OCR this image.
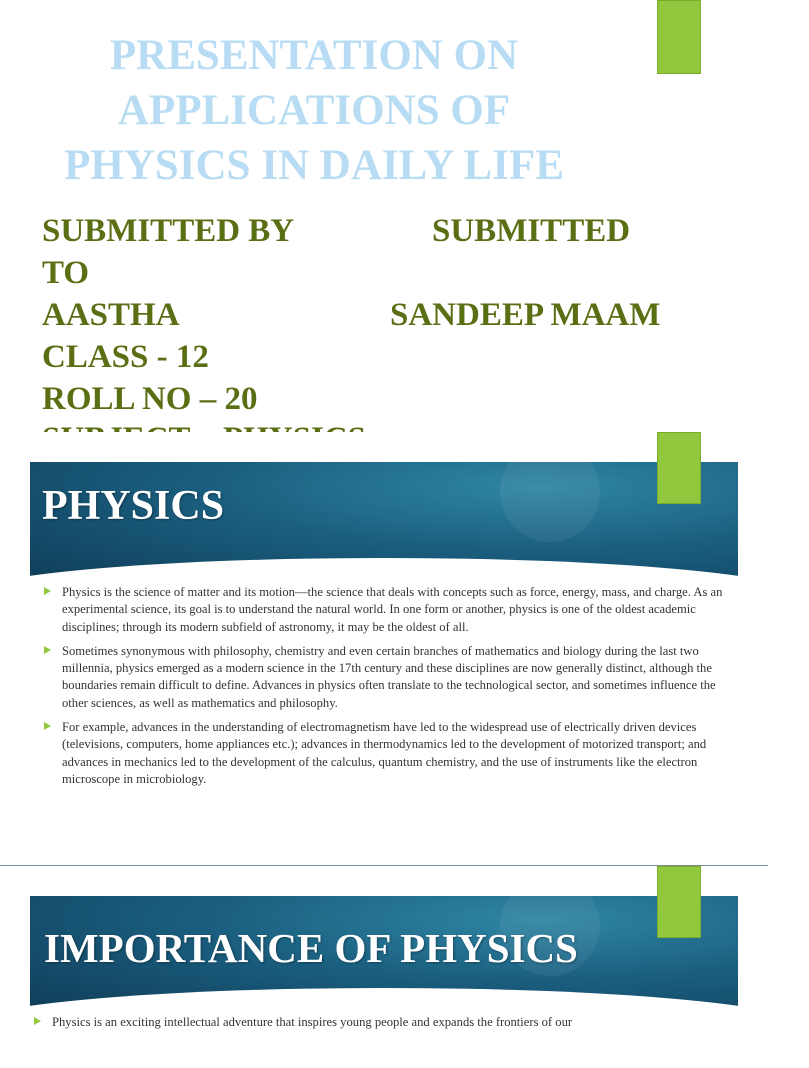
PRESENTATION ON
APPLICATIONS OF
PHYSICS IN DAILY LIFE

SUBMITTED BY	SUBMITTED

TO

AASTHA	SANDEEP MAAM

CLASS - 12

ROLL NO – 20

PHYSICS
Physics is the science of matter and its motion—the science that deals with concepts such as force, energy, mass, and charge. As an experimental science, its goal is to understand the natural world. In one form or another, physics is one of the oldest academic disciplines; through its modern subfield of astronomy, it may be the oldest of all.
Sometimes synonymous with philosophy, chemistry and even certain branches of mathematics and biology during the last two millennia, physics emerged as a modern science in the 17th century and these disciplines are now generally distinct, although the boundaries remain difficult to define. Advances in physics often translate to the technological sector, and sometimes influence the other sciences, as well as mathematics and philosophy.
For example, advances in the understanding of electromagnetism have led to the widespread use of electrically driven devices (televisions, computers, home appliances etc.); advances in thermodynamics led to the development of motorized transport; and advances in mechanics led to the development of the calculus, quantum chemistry, and the use of instruments like the electron microscope in microbiology.
IMPORTANCE OF PHYSICS
Physics is an exciting intellectual adventure that inspires young people and expands the frontiers of our
